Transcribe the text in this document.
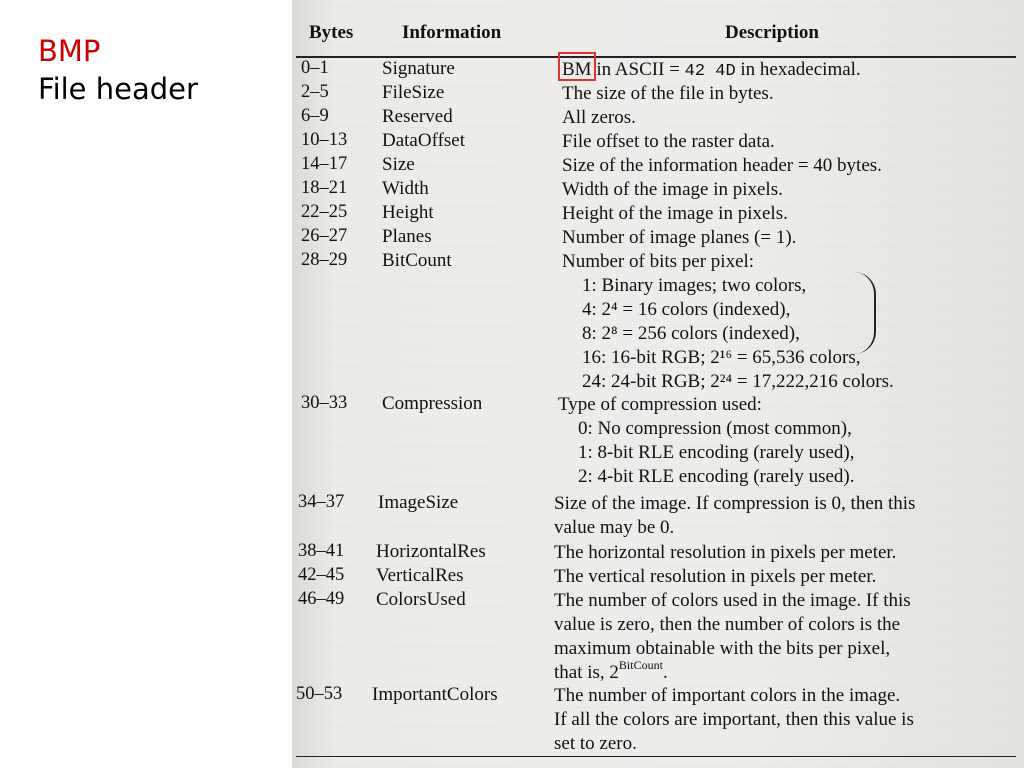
BMP
File header
Bytes	Information	Description
0–1	Signature	BM in ASCII = 42 4D in hexadecimal.
2–5	FileSize	The size of the file in bytes.
6–9	Reserved	All zeros.
10–13 DataOffset	File offset to the raster data.
14–17 Size	Size of the information header = 40 bytes.
18–21 Width	Width of the image in pixels.
22–25 Height	Height of the image in pixels.
26–27 Planes	Number of image planes (= 1).
28–29 BitCount	Number of bits per pixel:
1: Binary images; two colors,
4: 2⁴ = 16 colors (indexed),
8: 2⁸ = 256 colors (indexed),
16: 16-bit RGB; 2¹⁶ = 65,536 colors,
24: 24-bit RGB; 2²⁴ = 17,222,216 colors.
30–33 Compression	Type of compression used:
0: No compression (most common),
1: 8-bit RLE encoding (rarely used),
2: 4-bit RLE encoding (rarely used).
34–37 ImageSize	Size of the image. If compression is 0, then this
value may be 0.
38–41 HorizontalRes	The horizontal resolution in pixels per meter.
42–45 VerticalRes	The vertical resolution in pixels per meter.
46–49 ColorsUsed	The number of colors used in the image. If this
value is zero, then the number of colors is the
maximum obtainable with the bits per pixel,
that is, $2^{BitCount}$.
50–53 ImportantColors	The number of important colors in the image.
If all the colors are important, then this value is
set to zero.
